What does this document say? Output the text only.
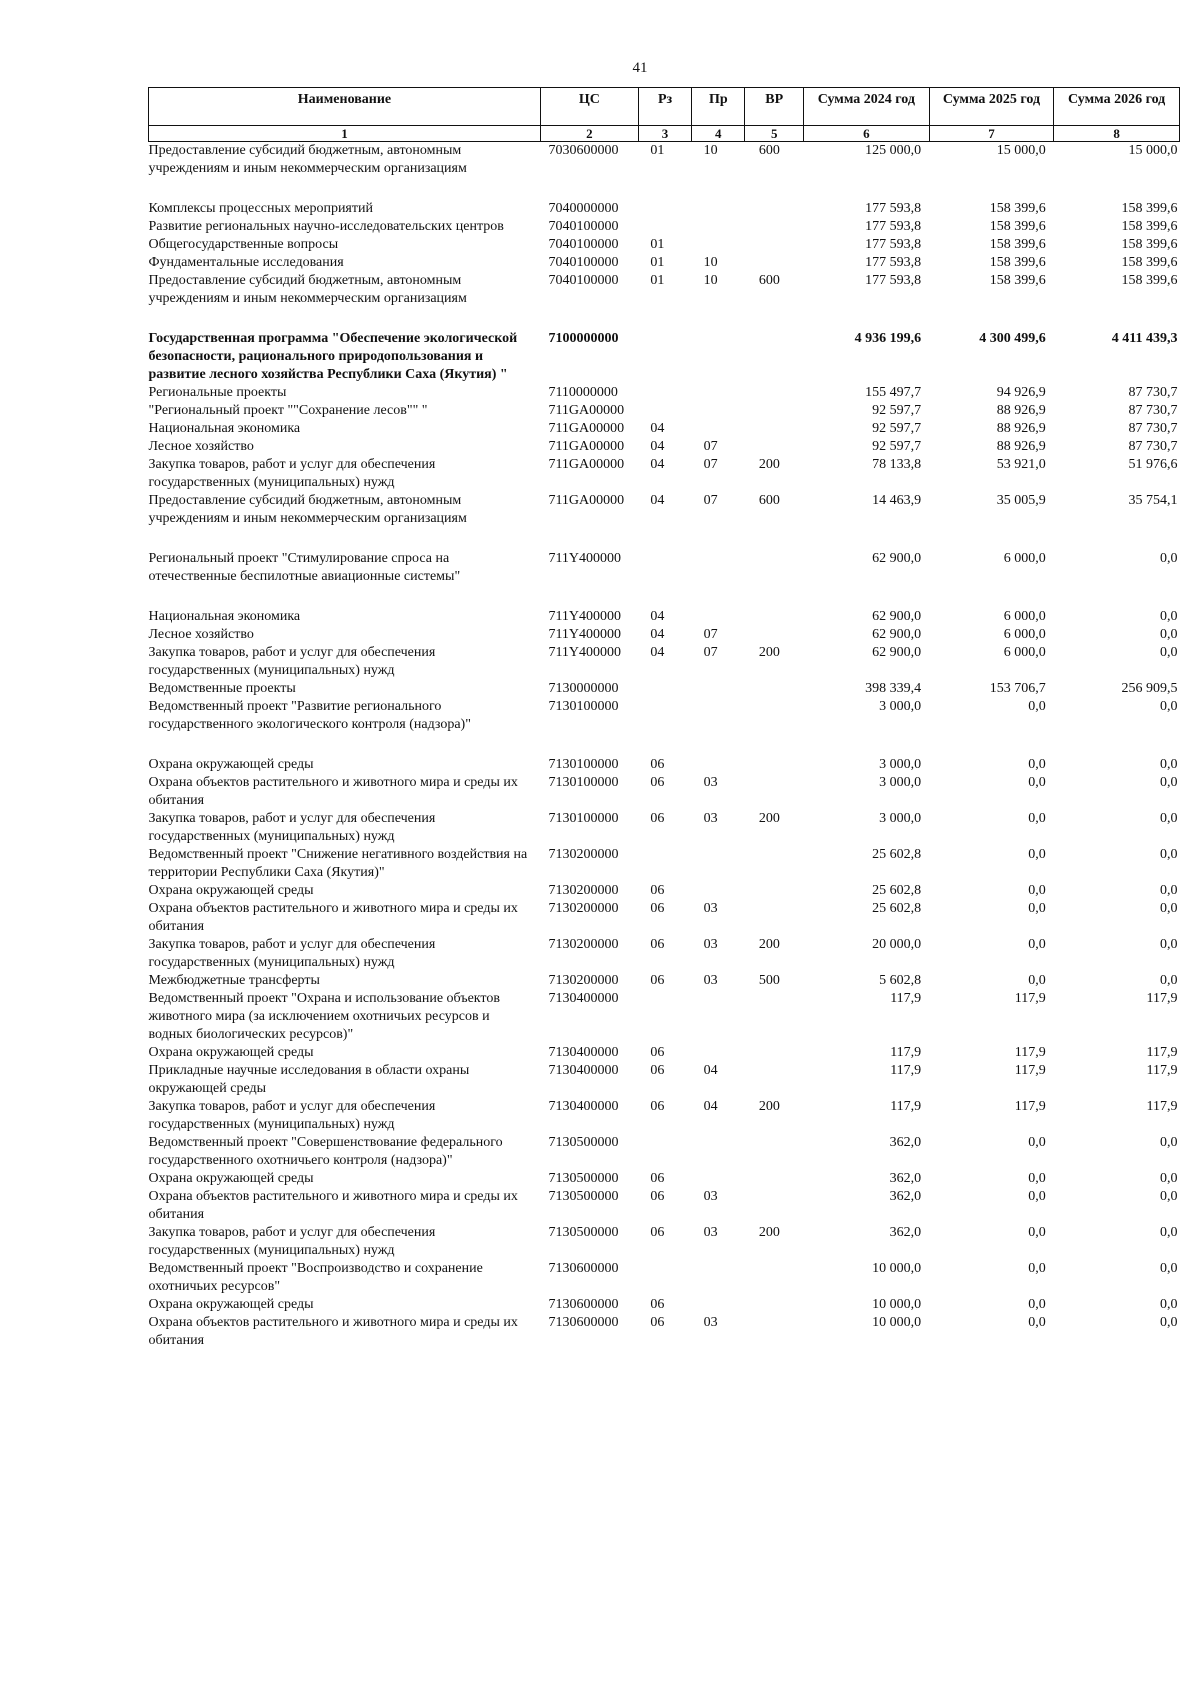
41
Наименование	ЦС	Рз	Пр	ВР	Сумма 2024 год	Сумма 2025 год	Сумма 2026 год
1	2	3	4	5	6	7	8
Предоставление субсидий бюджетным, автономным учреждениям и иным некоммерческим организациям	7030600000	01	10	600	125 000,0	15 000,0	15 000,0
Комплексы процессных мероприятий	7040000000				177 593,8	158 399,6	158 399,6
Развитие региональных научно-исследовательских центров	7040100000				177 593,8	158 399,6	158 399,6
Общегосударственные вопросы	7040100000	01			177 593,8	158 399,6	158 399,6
Фундаментальные исследования	7040100000	01	10		177 593,8	158 399,6	158 399,6
Предоставление субсидий бюджетным, автономным учреждениям и иным некоммерческим организациям	7040100000	01	10	600	177 593,8	158 399,6	158 399,6
Государственная программа "Обеспечение экологической безопасности, рационального природопользования и развитие лесного хозяйства Республики Саха (Якутия) "	7100000000				4 936 199,6	4 300 499,6	4 411 439,3
Региональные проекты	7110000000				155 497,7	94 926,9	87 730,7
"Региональный проект ""Сохранение лесов"" "	711GA00000				92 597,7	88 926,9	87 730,7
Национальная экономика	711GA00000	04			92 597,7	88 926,9	87 730,7
Лесное хозяйство	711GA00000	04	07		92 597,7	88 926,9	87 730,7
Закупка товаров, работ и услуг для обеспечения государственных (муниципальных) нужд	711GA00000	04	07	200	78 133,8	53 921,0	51 976,6
Предоставление субсидий бюджетным, автономным учреждениям и иным некоммерческим организациям	711GA00000	04	07	600	14 463,9	35 005,9	35 754,1
Региональный проект "Стимулирование спроса на отечественные беспилотные авиационные системы"	711Y400000				62 900,0	6 000,0	0,0
Национальная экономика	711Y400000	04			62 900,0	6 000,0	0,0
Лесное хозяйство	711Y400000	04	07		62 900,0	6 000,0	0,0
Закупка товаров, работ и услуг для обеспечения государственных (муниципальных) нужд	711Y400000	04	07	200	62 900,0	6 000,0	0,0
Ведомственные проекты	7130000000				398 339,4	153 706,7	256 909,5
Ведомственный проект "Развитие регионального государственного экологического контроля (надзора)"	7130100000				3 000,0	0,0	0,0
Охрана окружающей среды	7130100000	06			3 000,0	0,0	0,0
Охрана объектов растительного и животного мира и среды их обитания	7130100000	06	03		3 000,0	0,0	0,0
Закупка товаров, работ и услуг для обеспечения государственных (муниципальных) нужд	7130100000	06	03	200	3 000,0	0,0	0,0
Ведомственный проект "Снижение негативного воздействия на территории Республики Саха (Якутия)"	7130200000				25 602,8	0,0	0,0
Охрана окружающей среды	7130200000	06			25 602,8	0,0	0,0
Охрана объектов растительного и животного мира и среды их обитания	7130200000	06	03		25 602,8	0,0	0,0
Закупка товаров, работ и услуг для обеспечения государственных (муниципальных) нужд	7130200000	06	03	200	20 000,0	0,0	0,0
Межбюджетные трансферты	7130200000	06	03	500	5 602,8	0,0	0,0
Ведомственный проект "Охрана и использование объектов животного мира (за исключением охотничьих ресурсов и водных биологических ресурсов)"	7130400000				117,9	117,9	117,9
Охрана окружающей среды	7130400000	06			117,9	117,9	117,9
Прикладные научные исследования в области охраны окружающей среды	7130400000	06	04		117,9	117,9	117,9
Закупка товаров, работ и услуг для обеспечения государственных (муниципальных) нужд	7130400000	06	04	200	117,9	117,9	117,9
Ведомственный проект "Совершенствование федерального государственного охотничьего контроля (надзора)"	7130500000				362,0	0,0	0,0
Охрана окружающей среды	7130500000	06			362,0	0,0	0,0
Охрана объектов растительного и животного мира и среды их обитания	7130500000	06	03		362,0	0,0	0,0
Закупка товаров, работ и услуг для обеспечения государственных (муниципальных) нужд	7130500000	06	03	200	362,0	0,0	0,0
Ведомственный проект "Воспроизводство и сохранение охотничьих ресурсов"	7130600000				10 000,0	0,0	0,0
Охрана окружающей среды	7130600000	06			10 000,0	0,0	0,0
Охрана объектов растительного и животного мира и среды их обитания	7130600000	06	03		10 000,0	0,0	0,0
